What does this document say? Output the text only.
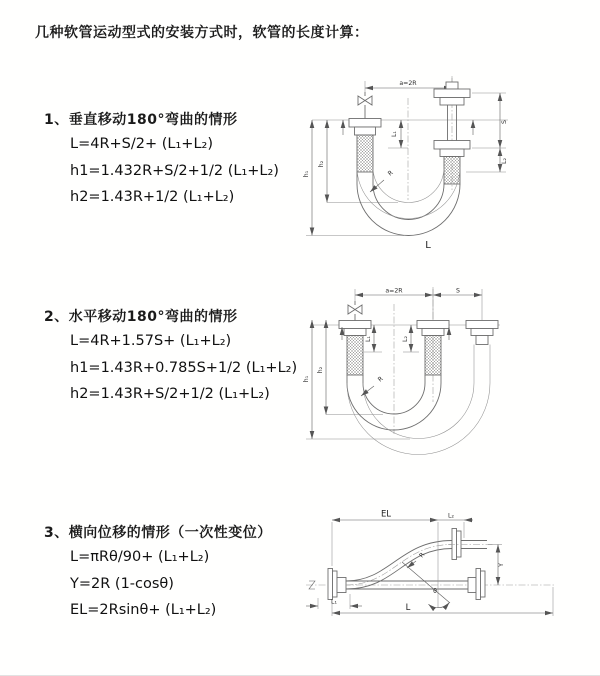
几种软管运动型式的安装方式时，软管的长度计算：
1、垂直移动180°弯曲的情形
L=4R+S/2+ (L₁+L₂)
h1=1.432R+S/2+1/2 (L₁+L₂)
h2=1.43R+1/2 (L₁+L₂)
2、水平移动180°弯曲的情形
L=4R+1.57S+ (L₁+L₂)
h1=1.43R+0.785S+1/2 (L₁+L₂)
h2=1.43R+S/2+1/2 (L₁+L₂)
3、横向位移的情形（一次性变位）
L=πRθ/90+ (L₁+L₂)
Y=2R (1-cosθ)
EL=2Rsinθ+ (L₁+L₂)
a=2R
L₁
S
L₂
h₁
h₂
R
L
a=2R	S
L₁	L₂
h₁
h₂
R
EL	L₂
Y
L
L₁
θ
R
